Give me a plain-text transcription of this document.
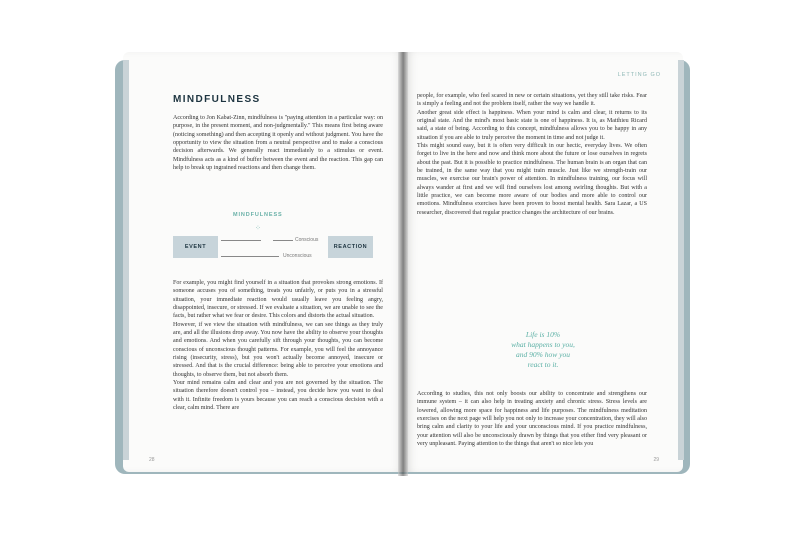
MINDFULNESS

According to Jon Kabat-Zinn, mindfulness is "paying attention in a particular way: on purpose, in the present moment, and non-judgmentally." This means first being aware (noticing something) and then accepting it openly and without judgment. You have the opportunity to view the situation from a neutral perspective and to make a conscious decision afterwards. We generally react immediately to a stimulus or event. Mindfulness acts as a kind of buffer between the event and the reaction. This gap can help to break up ingrained reactions and then change them.

MINDFULNESS
⁘
EVENT	REACTION
Conscious
Unconscious

For example, you might find yourself in a situation that provokes strong emotions. If someone accuses you of something, treats you unfairly, or puts you in a stressful situation, your immediate reaction would usually leave you feeling angry, disappointed, insecure, or stressed. If we evaluate a situation, we are unable to see the facts, but rather what we fear or desire. This colors and distorts the actual situation.

However, if we view the situation with mindfulness, we can see things as they truly are, and all the illusions drop away. You now have the ability to observe your thoughts and emotions. And when you carefully sift through your thoughts, you can become conscious of unconscious thought patterns. For example, you will feel the annoyance rising (insecurity, stress), but you won't actually become annoyed, insecure or stressed. And that is the crucial difference: being able to perceive your emotions and thoughts, to observe them, but not absorb them.

Your mind remains calm and clear and you are not governed by the situation. The situation therefore doesn't control you – instead, you decide how you want to deal with it. Infinite freedom is yours because you can reach a conscious decision with a clear, calm mind. There are

28
LETTING GO

people, for example, who feel scared in new or certain situations, yet they still take risks. Fear is simply a feeling and not the problem itself, rather the way we handle it.

Another great side effect is happiness. When your mind is calm and clear, it returns to its original state. And the mind's most basic state is one of happiness. It is, as Matthieu Ricard said, a state of being. According to this concept, mindfulness allows you to be happy in any situation if you are able to truly perceive the moment in time and not judge it.

This might sound easy, but it is often very difficult in our hectic, everyday lives. We often forget to live in the here and now and think more about the future or lose ourselves in regrets about the past. But it is possible to practice mindfulness. The human brain is an organ that can be trained, in the same way that you might train muscle. Just like we strength-train our muscles, we exercise our brain's power of attention. In mindfulness training, our focus will always wander at first and we will find ourselves lost among swirling thoughts. But with a little practice, we can become more aware of our bodies and more able to control our emotions. Mindfulness exercises have been proven to boost mental health. Sara Lazar, a US researcher, discovered that regular practice changes the architecture of our brains.

Life is 10%

what happens to you,

and 90% how you

react to it.

According to studies, this not only boosts our ability to concentrate and strengthens our immune system – it can also help in treating anxiety and chronic stress. Stress levels are lowered, allowing more space for happiness and life purposes. The mindfulness meditation exercises on the next page will help you not only to increase your concentration, they will also bring calm and clarity to your life and your unconscious mind. If you practice mindfulness, your attention will also be unconsciously drawn by things that you either find very pleasant or very unpleasant. Paying attention to the things that aren't so nice lets you

29
